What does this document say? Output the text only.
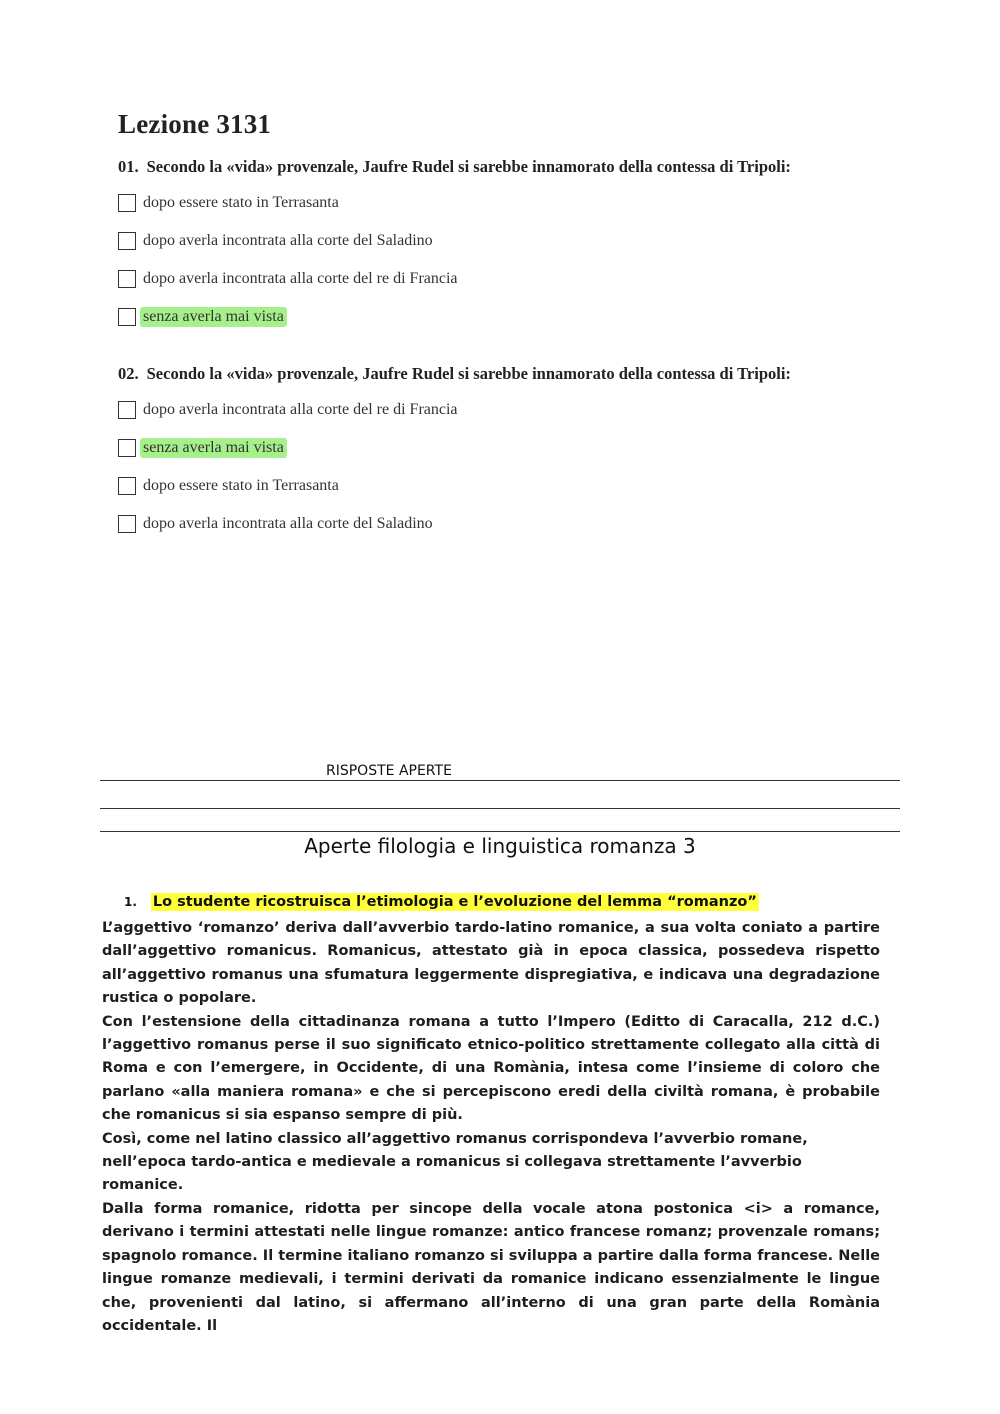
Lezione 3131
01. Secondo la «vida» provenzale, Jaufre Rudel si sarebbe innamorato della contessa di Tripoli:
dopo essere stato in Terrasanta
dopo averla incontrata alla corte del Saladino
dopo averla incontrata alla corte del re di Francia
senza averla mai vista
02. Secondo la «vida» provenzale, Jaufre Rudel si sarebbe innamorato della contessa di Tripoli:
dopo averla incontrata alla corte del re di Francia
senza averla mai vista
dopo essere stato in Terrasanta
dopo averla incontrata alla corte del Saladino
RISPOSTE APERTE
Aperte filologia e linguistica romanza 3
1. Lo studente ricostruisca l’etimologia e l’evoluzione del lemma “romanzo”

L’aggettivo ‘romanzo’ deriva dall’avverbio tardo-latino romanice, a sua volta coniato a partire dall’aggettivo romanicus. Romanicus, attestato già in epoca classica, possedeva rispetto all’aggettivo romanus una sfumatura leggermente dispregiativa, e indicava una degradazione rustica o popolare.

Con l’estensione della cittadinanza romana a tutto l’Impero (Editto di Caracalla, 212 d.C.) l’aggettivo romanus perse il suo significato etnico-politico strettamente collegato alla città di Roma e con l’emergere, in Occidente, di una Romània, intesa come l’insieme di coloro che parlano «alla maniera romana» e che si percepiscono eredi della civiltà romana, è probabile che romanicus si sia espanso sempre di più.

Così, come nel latino classico all’aggettivo romanus corrispondeva l’avverbio romane, nell’epoca tardo-antica e medievale a romanicus si collegava strettamente l’avverbio romanice.

Dalla forma romanice, ridotta per sincope della vocale atona postonica <i> a romance, derivano i termini attestati nelle lingue romanze: antico francese romanz; provenzale romans; spagnolo romance. Il termine italiano romanzo si sviluppa a partire dalla forma francese. Nelle lingue romanze medievali, i termini derivati da romanice indicano essenzialmente le lingue che, provenienti dal latino, si affermano all’interno di una gran parte della Romània occidentale. Il
